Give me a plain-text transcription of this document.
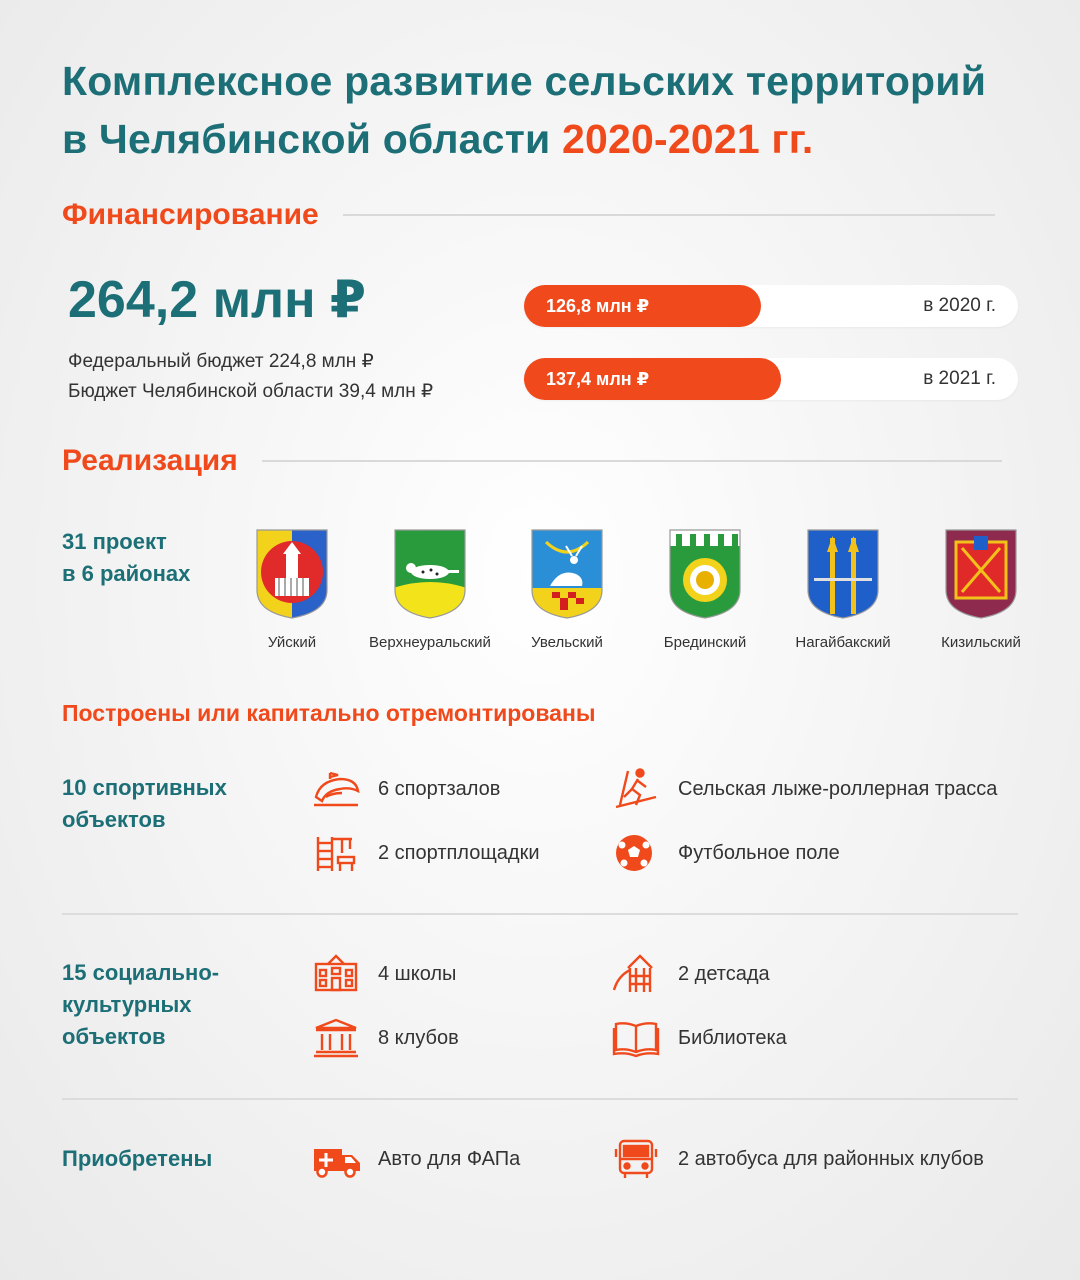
Комплексное развитие сельских территорий
в Челябинской области 2020-2021 гг.
Финансирование
264,2 млн ₽
Федеральный бюджет 224,8 млн ₽
Бюджет Челябинской области 39,4 млн ₽
126,8 млн ₽	в 2020 г.
137,4 млн ₽	в 2021 г.
Реализация
31 проект
в 6 районах
Уйский	Верхнеуральский	Увельский	Брединский	Нагайбакский	Кизильский
Построены или капитально отремонтированы
10 спортивных
объектов
6 спортзалов	Сельская лыже-роллерная трасса
2 спортплощадки	Футбольное поле
15 социально-
культурных
объектов
4 школы	2 детсада
8 клубов	Библиотека
Приобретены	Авто для ФАПа	2 автобуса для районных клубов
